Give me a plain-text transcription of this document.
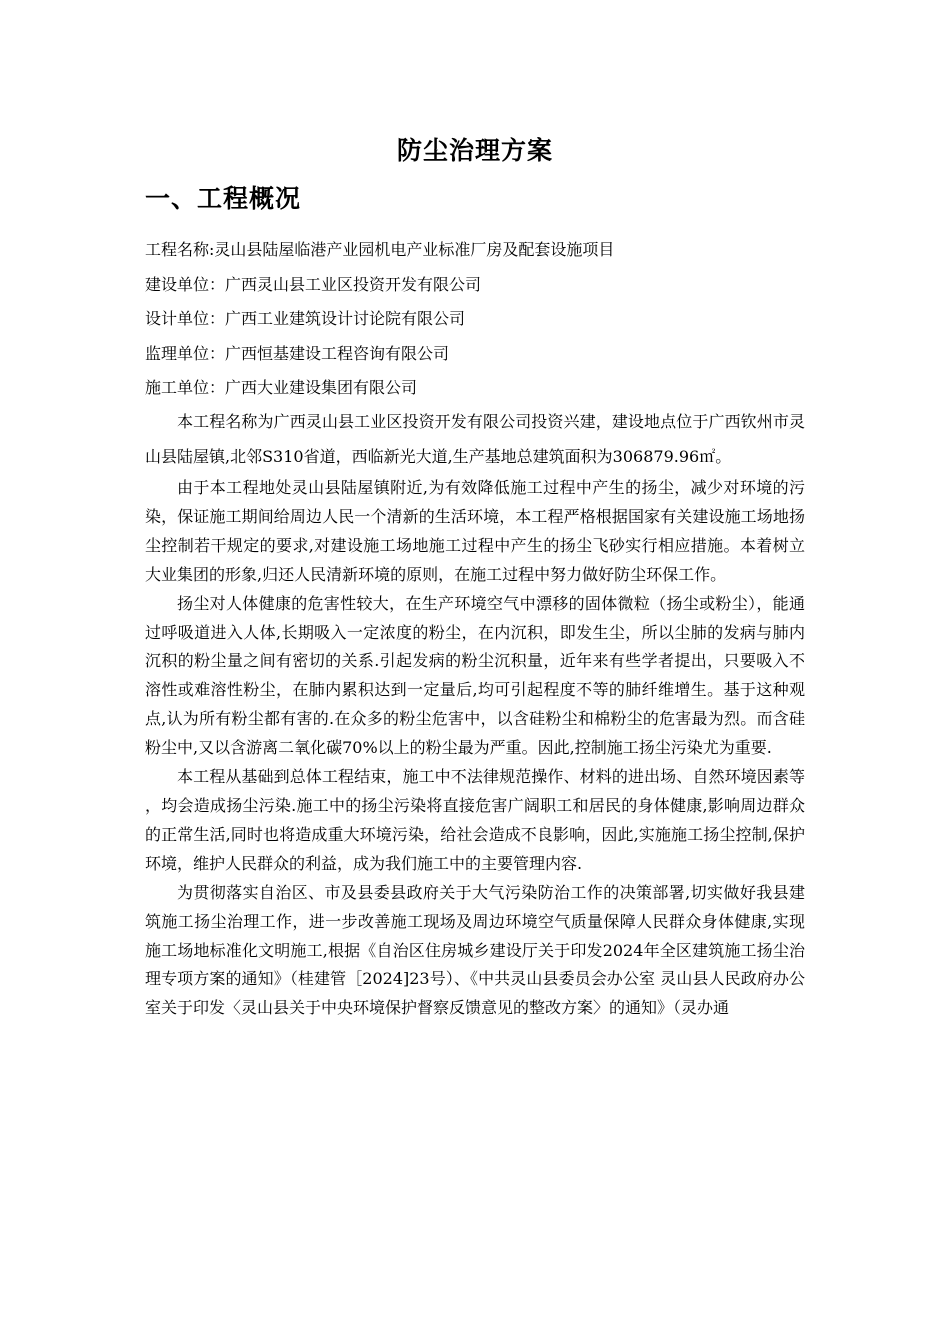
防尘治理方案
一、工程概况
工程名称:灵山县陆屋临港产业园机电产业标准厂房及配套设施项目
建设单位：广西灵山县工业区投资开发有限公司
设计单位：广西工业建筑设计讨论院有限公司
监理单位：广西恒基建设工程咨询有限公司
施工单位：广西大业建设集团有限公司

本工程名称为广西灵山县工业区投资开发有限公司投资兴建，建设地点位于广西钦州市灵山县陆屋镇,北邻S310省道，西临新光大道,生产基地总建筑面积为306879.96㎡。

由于本工程地处灵山县陆屋镇附近,为有效降低施工过程中产生的扬尘，减少对环境的污染，保证施工期间给周边人民一个清新的生活环境，本工程严格根据国家有关建设施工场地扬尘控制若干规定的要求,对建设施工场地施工过程中产生的扬尘飞砂实行相应措施。本着树立大业集团的形象,归还人民清新环境的原则，在施工过程中努力做好防尘环保工作。

扬尘对人体健康的危害性较大，在生产环境空气中漂移的固体微粒（扬尘或粉尘），能通过呼吸道进入人体,长期吸入一定浓度的粉尘，在内沉积，即发生尘，所以尘肺的发病与肺内沉积的粉尘量之间有密切的关系.引起发病的粉尘沉积量，近年来有些学者提出，只要吸入不溶性或难溶性粉尘，在肺内累积达到一定量后,均可引起程度不等的肺纤维增生。基于这种观点,认为所有粉尘都有害的.在众多的粉尘危害中，以含硅粉尘和棉粉尘的危害最为烈。而含硅粉尘中,又以含游离二氧化碳70%以上的粉尘最为严重。因此,控制施工扬尘污染尤为重要.

本工程从基础到总体工程结束，施工中不法律规范操作、材料的进出场、自然环境因素等，均会造成扬尘污染.施工中的扬尘污染将直接危害广阔职工和居民的身体健康,影响周边群众的正常生活,同时也将造成重大环境污染，给社会造成不良影响，因此,实施施工扬尘控制,保护环境，维护人民群众的利益，成为我们施工中的主要管理内容.

为贯彻落实自治区、市及县委县政府关于大气污染防治工作的决策部署,切实做好我县建筑施工扬尘治理工作，进一步改善施工现场及周边环境空气质量保障人民群众身体健康,实现施工场地标准化文明施工,根据《自治区住房城乡建设厅关于印发2024年全区建筑施工扬尘治理专项方案的通知》（桂建管［2024]23号）、《中共灵山县委员会办公室 灵山县人民政府办公室关于印发〈灵山县关于中央环境保护督察反馈意见的整改方案〉的通知》（灵办通
